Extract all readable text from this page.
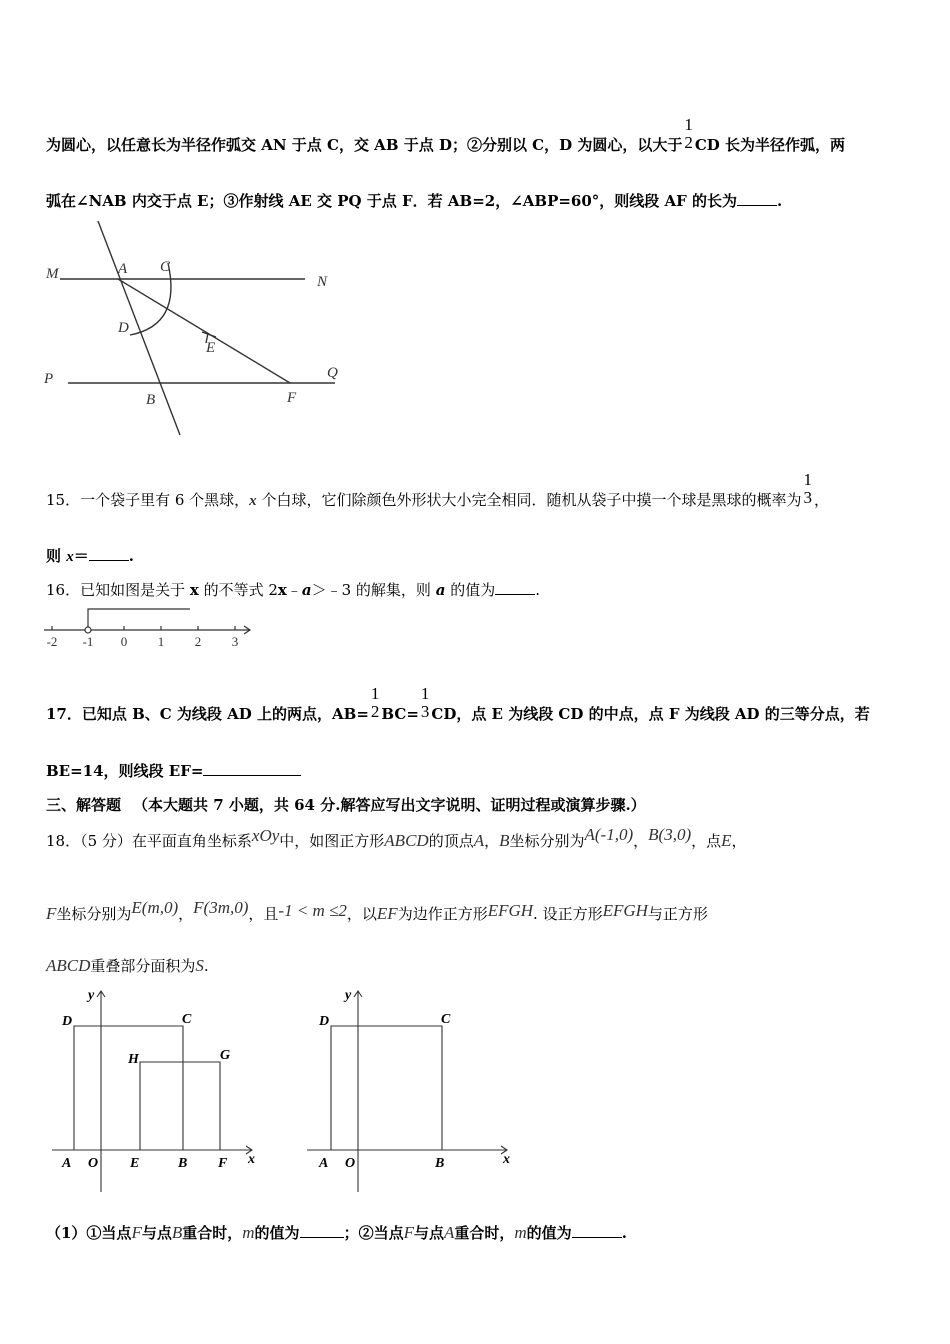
为圆心，以任意长为半径作弧交 AN 于点 C，交 AB 于点 D；②分别以 C，D 为圆心，以大于
1
2 CD 长为半径作弧，两
弧在∠NAB 内交于点 E；③作射线 AE 交 PQ 于点 F．若 AB=2，∠ABP=60°，则线段 AF 的长为	.
M	A C
N
D
E
P	Q
B	F
15．一个袋子里有 6 个黑球，x 个白球，它们除颜色外形状大小完全相同．随机从袋子中摸一个球是黑球的概率为
1
3 ，
则 x＝	.
16．已知如图是关于 x 的不等式 2x﹣a＞﹣3 的解集，则 a 的值为	.
-2 -1 0 1 2 3
17．已知点 B、C 为线段 AD 上的两点，AB=
1
2 BC=
1
3 CD，点 E 为线段 CD 的中点，点 F 为线段 AD 的三等分点，若
BE=14，则线段 EF=
三、解答题 （本大题共 7 小题，共 64 分.解答应写出文字说明、证明过程或演算步骤.）
18．（5 分）在平面直角坐标系xOy中，如图正方形ABCD的顶点A，B坐标分别为A(-1,0)，B(3,0)，点E，
F坐标分别为E(m,0)，F(3m,0)，且-1 < m ≤2，以EF为边作正方形EFGH. 设正方形EFGH与正方形
ABCD重叠部分面积为S.
y
x
D	C
H	G
A O E	B F
y
x
D	C
A O	B
（1）①当点F与点B重合时，m的值为	；②当点F与点A重合时，m的值为	.
